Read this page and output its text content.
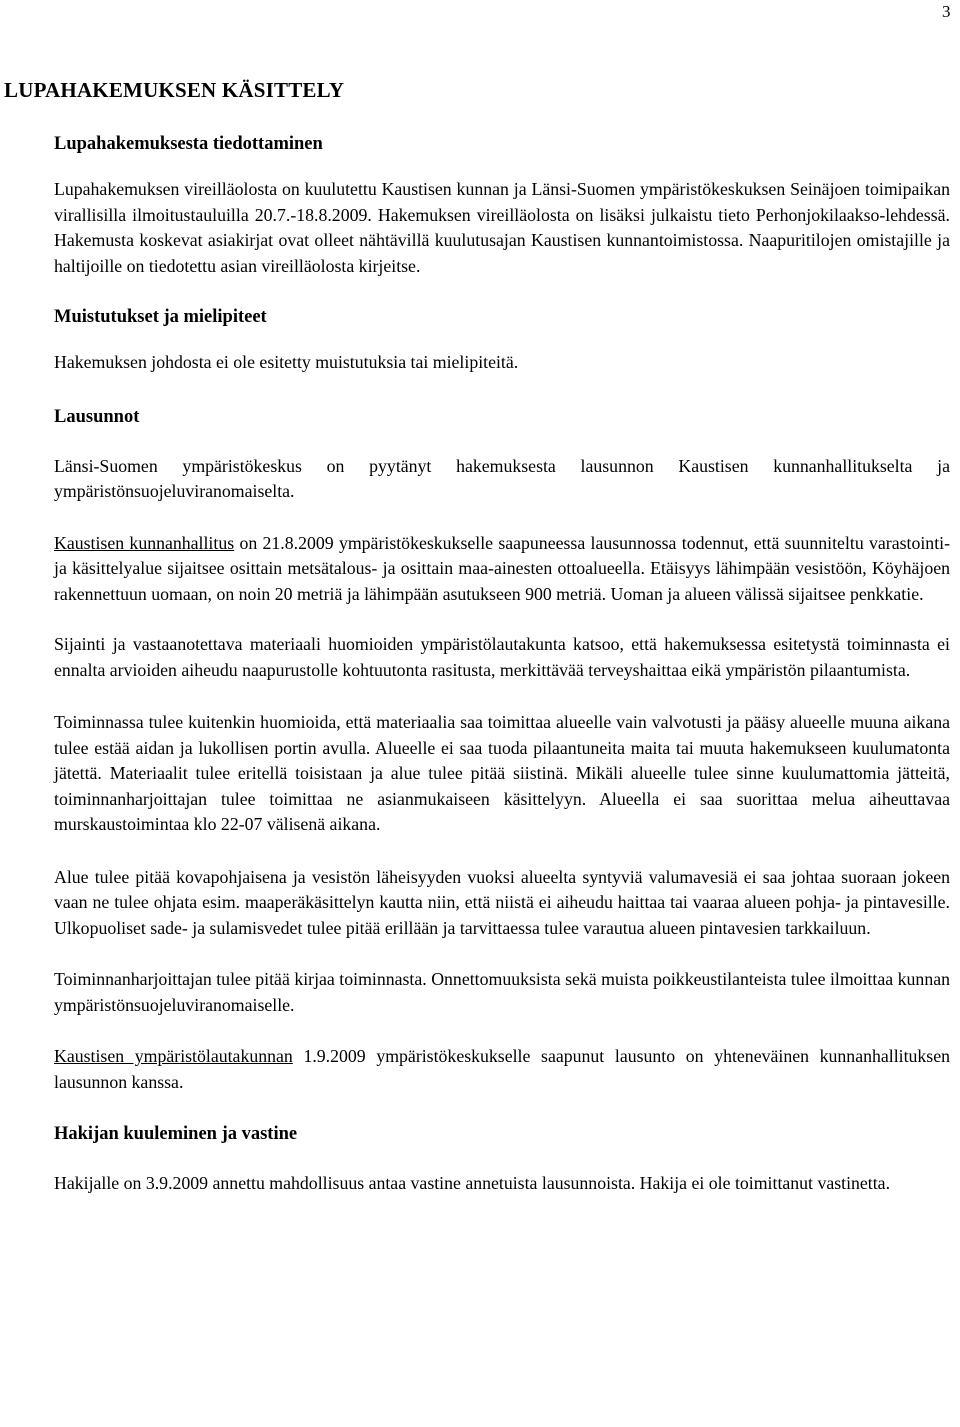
3
LUPAHAKEMUKSEN KÄSITTELY
Lupahakemuksesta tiedottaminen

Lupahakemuksen vireilläolosta on kuulutettu Kaustisen kunnan ja Länsi-Suomen ympäristökeskuksen Seinäjoen toimipaikan virallisilla ilmoitustauluilla 20.7.-18.8.2009. Hakemuksen vireilläolosta on lisäksi julkaistu tieto Perhonjokilaakso-lehdessä. Hakemusta koskevat asiakirjat ovat olleet nähtävillä kuulutusajan Kaustisen kunnantoimistossa. Naapuritilojen omistajille ja haltijoille on tiedotettu asian vireilläolosta kirjeitse.

Muistutukset ja mielipiteet

Hakemuksen johdosta ei ole esitetty muistutuksia tai mielipiteitä.

Lausunnot

Länsi-Suomen ympäristökeskus on pyytänyt hakemuksesta lausunnon Kaustisen kunnanhallitukselta ja ympäristönsuojeluviranomaiselta.

Kaustisen kunnanhallitus on 21.8.2009 ympäristökeskukselle saapuneessa lausunnossa todennut, että suunniteltu varastointi- ja käsittelyalue sijaitsee osittain metsätalous- ja osittain maa-ainesten ottoalueella. Etäisyys lähimpään vesistöön, Köyhäjoen rakennettuun uomaan, on noin 20 metriä ja lähimpään asutukseen 900 metriä. Uoman ja alueen välissä sijaitsee penkkatie.

Sijainti ja vastaanotettava materiaali huomioiden ympäristölautakunta katsoo, että hakemuksessa esitetystä toiminnasta ei ennalta arvioiden aiheudu naapurustolle kohtuutonta rasitusta, merkittävää terveyshaittaa eikä ympäristön pilaantumista.

Toiminnassa tulee kuitenkin huomioida, että materiaalia saa toimittaa alueelle vain valvotusti ja pääsy alueelle muuna aikana tulee estää aidan ja lukollisen portin avulla. Alueelle ei saa tuoda pilaantuneita maita tai muuta hakemukseen kuulumatonta jätettä. Materiaalit tulee eritellä toisistaan ja alue tulee pitää siistinä. Mikäli alueelle tulee sinne kuulumattomia jätteitä, toiminnanharjoittajan tulee toimittaa ne asianmukaiseen käsittelyyn. Alueella ei saa suorittaa melua aiheuttavaa murskaustoimintaa klo 22-07 välisenä aikana.

Alue tulee pitää kovapohjaisena ja vesistön läheisyyden vuoksi alueelta syntyviä valumavesiä ei saa johtaa suoraan jokeen vaan ne tulee ohjata esim. maaperäkäsittelyn kautta niin, että niistä ei aiheudu haittaa tai vaaraa alueen pohja- ja pintavesille. Ulkopuoliset sade- ja sulamisvedet tulee pitää erillään ja tarvittaessa tulee varautua alueen pintavesien tarkkailuun.

Toiminnanharjoittajan tulee pitää kirjaa toiminnasta. Onnettomuuksista sekä muista poikkeustilanteista tulee ilmoittaa kunnan ympäristönsuojeluviranomaiselle.

Kaustisen ympäristölautakunnan 1.9.2009 ympäristökeskukselle saapunut lausunto on yhteneväinen kunnanhallituksen lausunnon kanssa.

Hakijan kuuleminen ja vastine

Hakijalle on 3.9.2009 annettu mahdollisuus antaa vastine annetuista lausunnoista. Hakija ei ole toimittanut vastinetta.
